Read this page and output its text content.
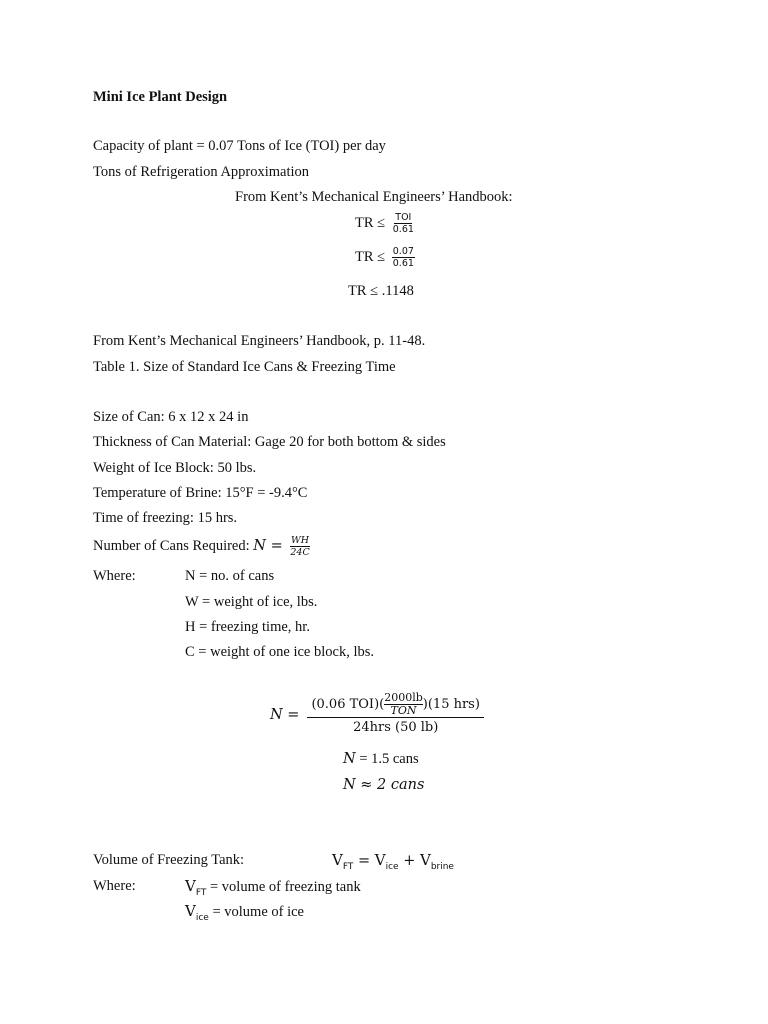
Mini Ice Plant Design
Capacity of plant = 0.07 Tons of Ice (TOI) per day
Tons of Refrigeration Approximation
From Kent’s Mechanical Engineers’ Handbook:
TR ≤ $\frac{\text{TOI}}{0.61}$
TR ≤ $\frac{0.07}{0.61}$
TR ≤ .1148
From Kent’s Mechanical Engineers’ Handbook, p. 11-48.
Table 1. Size of Standard Ice Cans & Freezing Time
Size of Can: 6 x 12 x 24 in
Thickness of Can Material: Gage 20 for both bottom & sides
Weight of Ice Block: 50 lbs.
Temperature of Brine: 15°F = -9.4°C
Time of freezing: 15 hrs.
Number of Cans Required: $N = \frac{WH}{24C}$
Where:	N = no. of cans
W = weight of ice, lbs.
H = freezing time, hr.
C = weight of one ice block, lbs.
N = (0.06 TOI)( 2000lb
TON )(15 hrs)
24hrs (50 lb)
N = 1.5 cans
N ≈ 2 cans
Volume of Freezing Tank:	$V_{FT} = V_{ice} + V_{brine}$
Where:	$V_{FT}$ = volume of freezing tank
$V_{ice}$ = volume of ice
